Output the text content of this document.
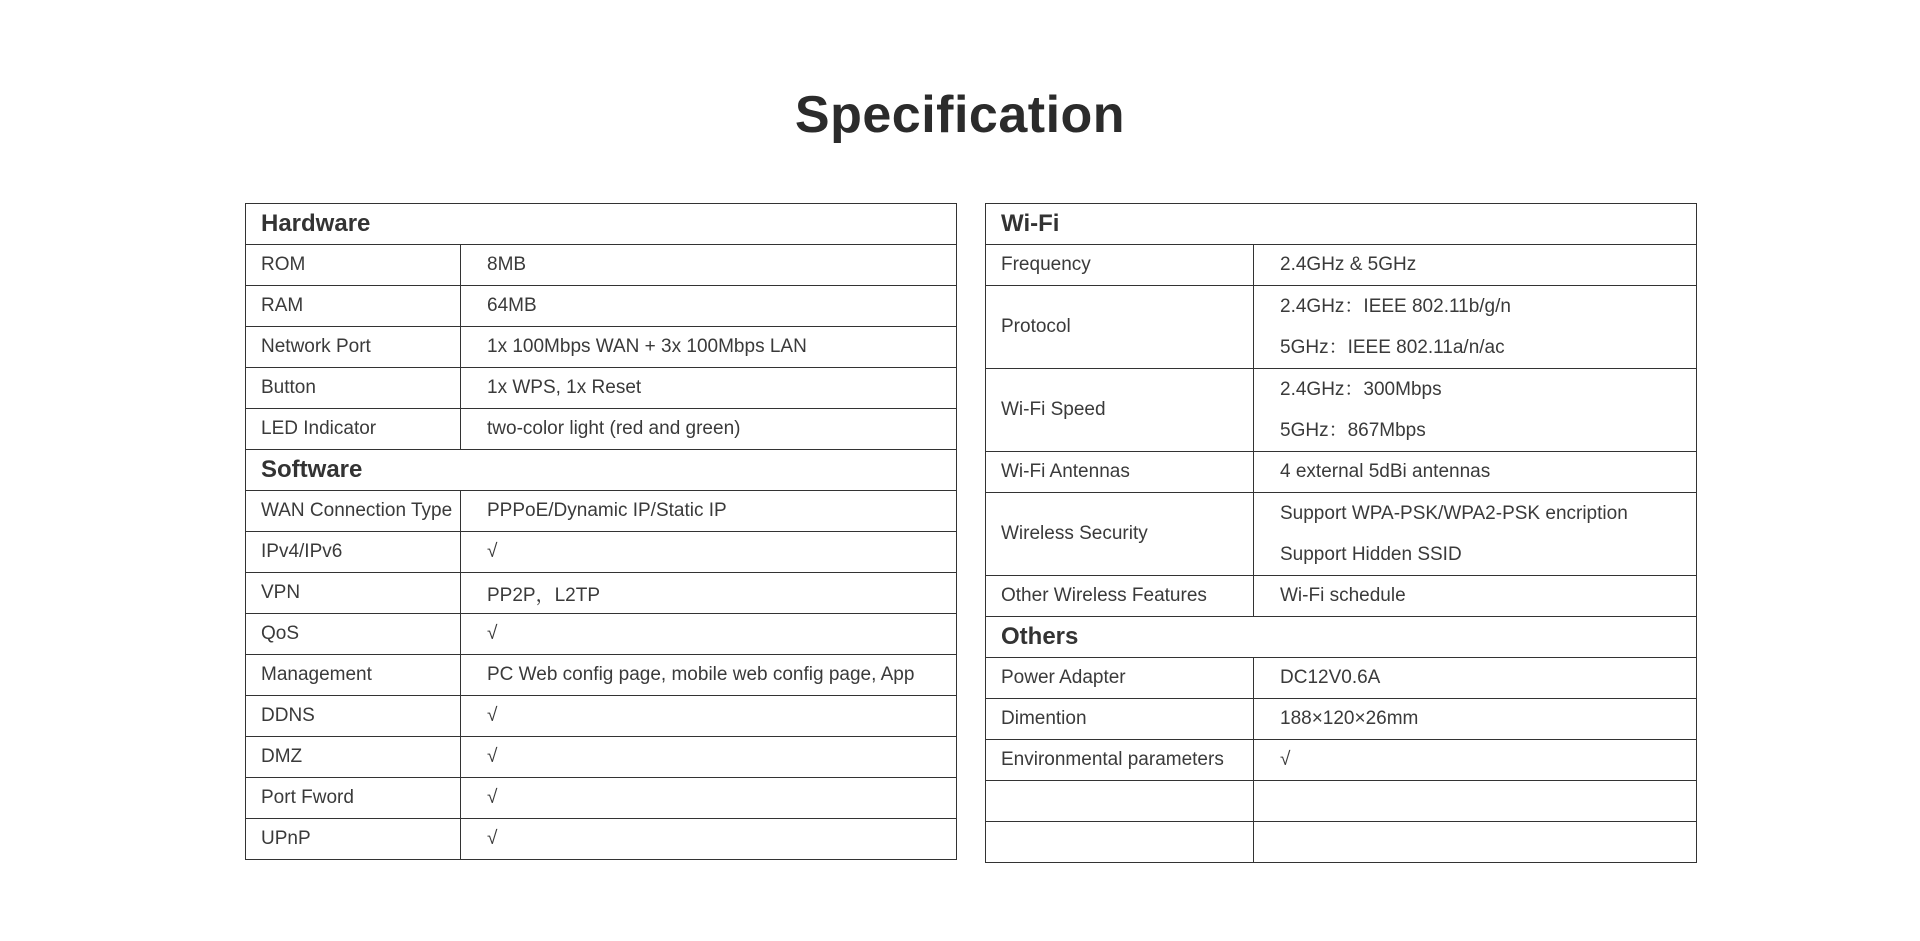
Specification
Hardware	
ROM	8MB
RAM	64MB
Network Port	1x 100Mbps WAN + 3x 100Mbps LAN
Button	1x WPS, 1x Reset
LED Indicator	two-color light (red and green)
Software	
WAN Connection Type	PPPoE/Dynamic IP/Static IP
IPv4/IPv6	√
VPN	PP2P，L2TP
QoS	√
Management	PC Web config page, mobile web config page, App
DDNS	√
DMZ	√
Port Fword	√
UPnP	√
Wi-Fi	
Frequency	2.4GHz & 5GHz
Protocol	2.4GHz：IEEE 802.11b/g/n
5GHz：IEEE 802.11a/n/ac

Wi-Fi Speed	2.4GHz：300Mbps
5GHz：867Mbps

Wi-Fi Antennas	4 external 5dBi antennas
Wireless Security	Support WPA-PSK/WPA2-PSK encription
Support Hidden SSID

Other Wireless Features	Wi-Fi schedule
Others	
Power Adapter	DC12V0.6A
Dimention	188×120×26mm
Environmental parameters	√
